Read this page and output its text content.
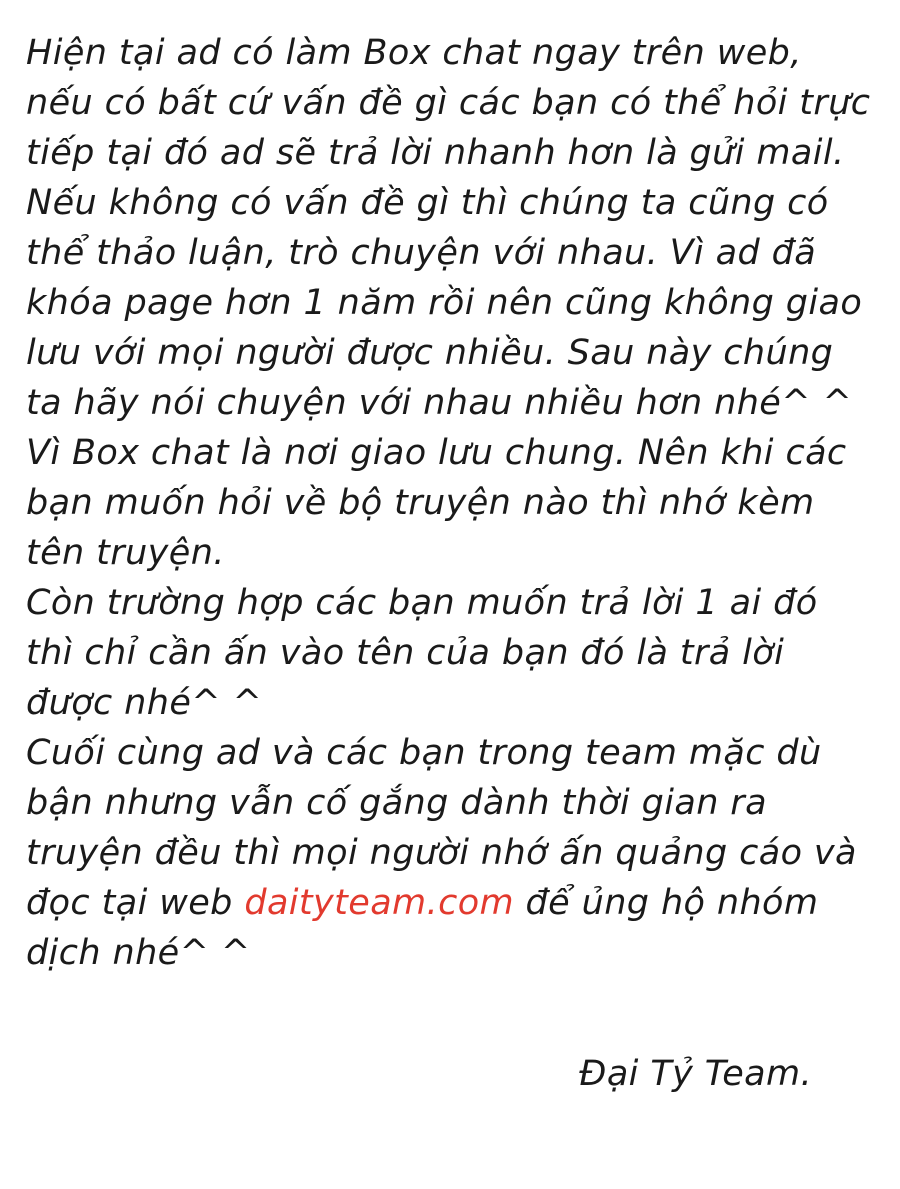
Hiện tại ad có làm Box chat ngay trên web, nếu có bất cứ vấn đề gì các bạn có thể hỏi trực tiếp tại đó ad sẽ trả lời nhanh hơn là gửi mail. Nếu không có vấn đề gì thì chúng ta cũng có thể thảo luận, trò chuyện với nhau. Vì ad đã khóa page hơn 1 năm rồi nên cũng không giao lưu với mọi người được nhiều. Sau này chúng ta hãy nói chuyện với nhau nhiều hơn nhé^ ^

Vì Box chat là nơi giao lưu chung. Nên khi các bạn muốn hỏi về bộ truyện nào thì nhớ kèm tên truyện.

Còn trường hợp các bạn muốn trả lời 1 ai đó thì chỉ cần ấn vào tên của bạn đó là trả lời được nhé^ ^

Cuối cùng ad và các bạn trong team mặc dù bận nhưng vẫn cố gắng dành thời gian ra truyện đều thì mọi người nhớ ấn quảng cáo và đọc tại web daityteam.com để ủng hộ nhóm dịch nhé^ ^

Đại Tỷ Team.
